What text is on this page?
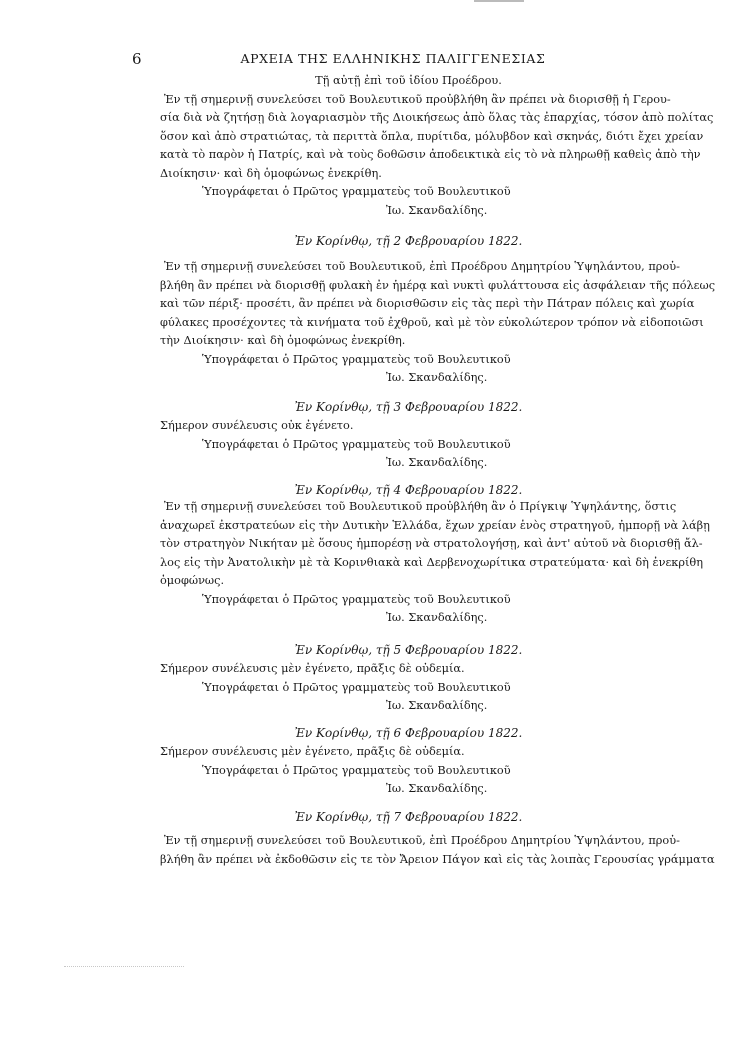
6	ΑΡΧΕΙΑ ΤΗΣ ΕΛΛΗΝΙΚΗΣ ΠΑΛΙΓΓΕΝΕΣΙΑΣ
Τῇ αὐτῇ ἐπὶ τοῦ ἰδίου Προέδρου.
Ἐν τῇ σημερινῇ συνελεύσει τοῦ Βουλευτικοῦ προὐβλήθη ἂν πρέπει νὰ διορισθῇ ἡ Γερου-
σία διὰ νὰ ζητήσῃ διὰ λογαριασμὸν τῆς Διοικήσεως ἀπὸ ὅλας τὰς ἐπαρχίας, τόσον ἀπὸ πολίτας
ὅσον καὶ ἀπὸ στρατιώτας, τὰ περιττὰ ὅπλα, πυρίτιδα, μόλυβδον καὶ σκηνάς, διότι ἔχει χρείαν
κατὰ τὸ παρὸν ἡ Πατρίς, καὶ νὰ τοὺς δοθῶσιν ἀποδεικτικὰ εἰς τὸ νὰ πληρωθῇ καθεὶς ἀπὸ τὴν
Διοίκησιν· καὶ δὴ ὁμοφώνως ἐνεκρίθη.
Ὑπογράφεται ὁ Πρῶτος γραμματεὺς τοῦ Βουλευτικοῦ
Ἰω. Σκανδαλίδης.
Ἐν Κορίνθῳ, τῇ 2 Φεβρουαρίου 1822.
Ἐν τῇ σημερινῇ συνελεύσει τοῦ Βουλευτικοῦ, ἐπὶ Προέδρου Δημητρίου Ὑψηλάντου, προὐ-
βλήθη ἂν πρέπει νὰ διορισθῇ φυλακὴ ἐν ἡμέρᾳ καὶ νυκτὶ φυλάττουσα εἰς ἀσφάλειαν τῆς πόλεως
καὶ τῶν πέριξ· προσέτι, ἂν πρέπει νὰ διορισθῶσιν εἰς τὰς περὶ τὴν Πάτραν πόλεις καὶ χωρία
φύλακες προσέχοντες τὰ κινήματα τοῦ ἐχθροῦ, καὶ μὲ τὸν εὐκολώτερον τρόπον νὰ εἰδοποιῶσι
τὴν Διοίκησιν· καὶ δὴ ὁμοφώνως ἐνεκρίθη.
Ὑπογράφεται ὁ Πρῶτος γραμματεὺς τοῦ Βουλευτικοῦ
Ἰω. Σκανδαλίδης.
Ἐν Κορίνθῳ, τῇ 3 Φεβρουαρίου 1822.
Σήμερον συνέλευσις οὐκ ἐγένετο.
Ὑπογράφεται ὁ Πρῶτος γραμματεὺς τοῦ Βουλευτικοῦ
Ἰω. Σκανδαλίδης.
Ἐν Κορίνθῳ, τῇ 4 Φεβρουαρίου 1822.
Ἐν τῇ σημερινῇ συνελεύσει τοῦ Βουλευτικοῦ προὐβλήθη ἂν ὁ Πρίγκιψ Ὑψηλάντης, ὅστις
ἀναχωρεῖ ἐκστρατεύων εἰς τὴν Δυτικὴν Ἑλλάδα, ἔχων χρείαν ἑνὸς στρατηγοῦ, ἠμπορῇ νὰ λάβῃ
τὸν στρατηγὸν Νικήταν μὲ ὅσους ἠμπορέσῃ νὰ στρατολογήσῃ, καὶ ἀντ' αὐτοῦ νὰ διορισθῇ ἄλ-
λος εἰς τὴν Ἀνατολικὴν μὲ τὰ Κορινθιακὰ καὶ Δερβενοχωρίτικα στρατεύματα· καὶ δὴ ἐνεκρίθη
ὁμοφώνως.
Ὑπογράφεται ὁ Πρῶτος γραμματεὺς τοῦ Βουλευτικοῦ
Ἰω. Σκανδαλίδης.
Ἐν Κορίνθῳ, τῇ 5 Φεβρουαρίου 1822.
Σήμερον συνέλευσις μὲν ἐγένετο, πρᾶξις δὲ οὐδεμία.
Ὑπογράφεται ὁ Πρῶτος γραμματεὺς τοῦ Βουλευτικοῦ
Ἰω. Σκανδαλίδης.
Ἐν Κορίνθῳ, τῇ 6 Φεβρουαρίου 1822.
Σήμερον συνέλευσις μὲν ἐγένετο, πρᾶξις δὲ οὐδεμία.
Ὑπογράφεται ὁ Πρῶτος γραμματεὺς τοῦ Βουλευτικοῦ
Ἰω. Σκανδαλίδης.
Ἐν Κορίνθῳ, τῇ 7 Φεβρουαρίου 1822.
Ἐν τῇ σημερινῇ συνελεύσει τοῦ Βουλευτικοῦ, ἐπὶ Προέδρου Δημητρίου Ὑψηλάντου, προὐ-
βλήθη ἂν πρέπει νὰ ἐκδοθῶσιν εἰς τε τὸν Ἄρειον Πάγον καὶ εἰς τὰς λοιπὰς Γερουσίας γράμματα
